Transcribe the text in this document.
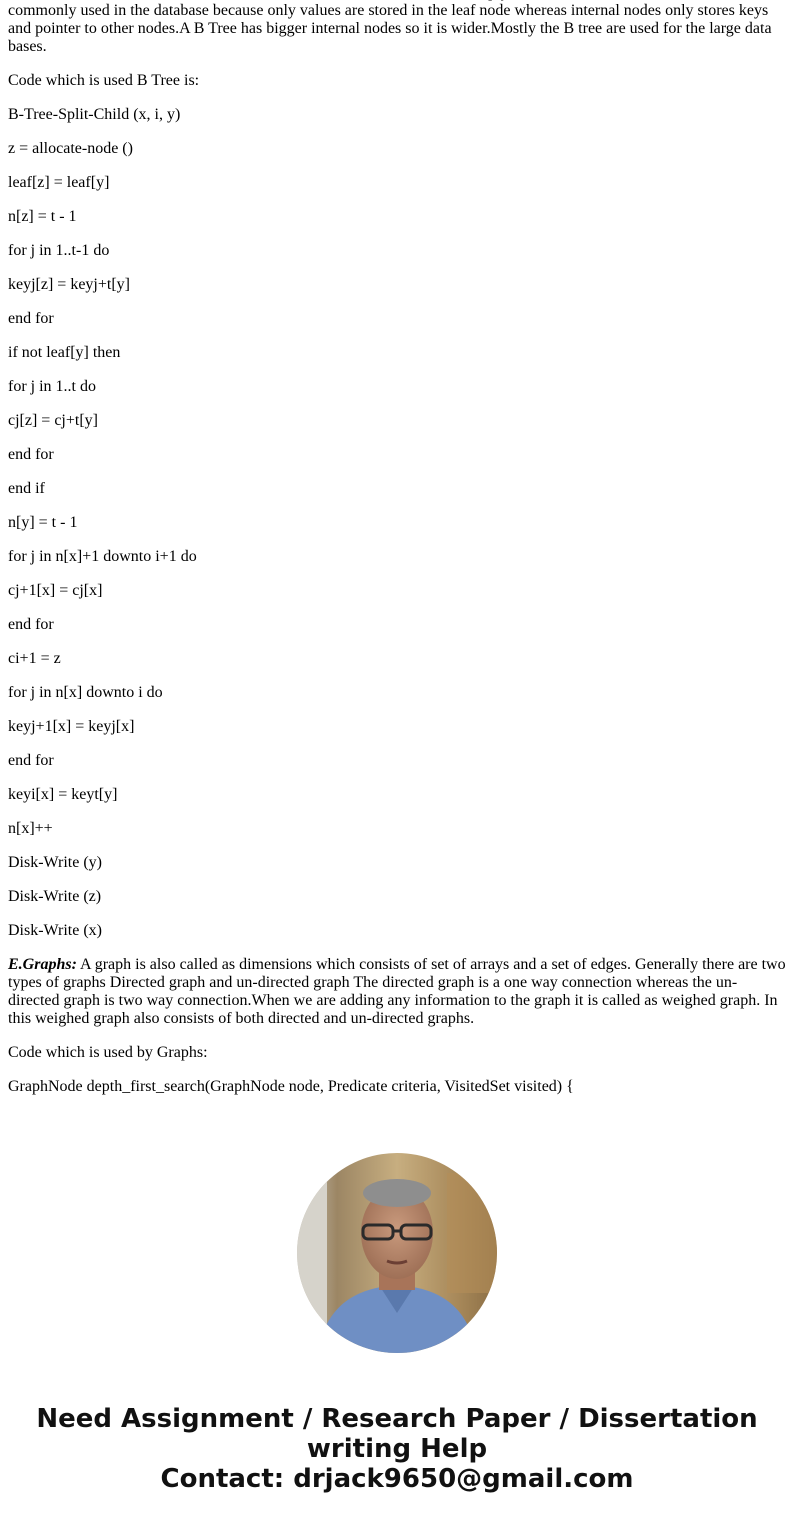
commonly used in the database because only values are stored in the leaf node whereas internal nodes only stores keys and pointer to other nodes.A B Tree has bigger internal nodes so it is wider.Mostly the B tree are used for the large data bases.

Code which is used B Tree is:

B-Tree-Split-Child (x, i, y)

z = allocate-node ()

leaf[z] = leaf[y]

n[z] = t - 1

for j in 1..t-1 do

keyj[z] = keyj+t[y]

end for

if not leaf[y] then

for j in 1..t do

cj[z] = cj+t[y]

end for

end if

n[y] = t - 1

for j in n[x]+1 downto i+1 do

cj+1[x] = cj[x]

end for

ci+1 = z

for j in n[x] downto i do

keyj+1[x] = keyj[x]

end for

keyi[x] = keyt[y]

n[x]++

Disk-Write (y)

Disk-Write (z)

Disk-Write (x)

E.Graphs: A graph is also called as dimensions which consists of set of arrays and a set of edges. Generally there are two types of graphs Directed graph and un-directed graph The directed graph is a one way connection whereas the un-directed graph is two way connection.When we are adding any information to the graph it is called as weighed graph. In this weighed graph also consists of both directed and un-directed graphs.

Code which is used by Graphs:

GraphNode depth_first_search(GraphNode node, Predicate criteria, VisitedSet visited) {

Need Assignment / Research Paper / Dissertation
writing Help
Contact: drjack9650@gmail.com
